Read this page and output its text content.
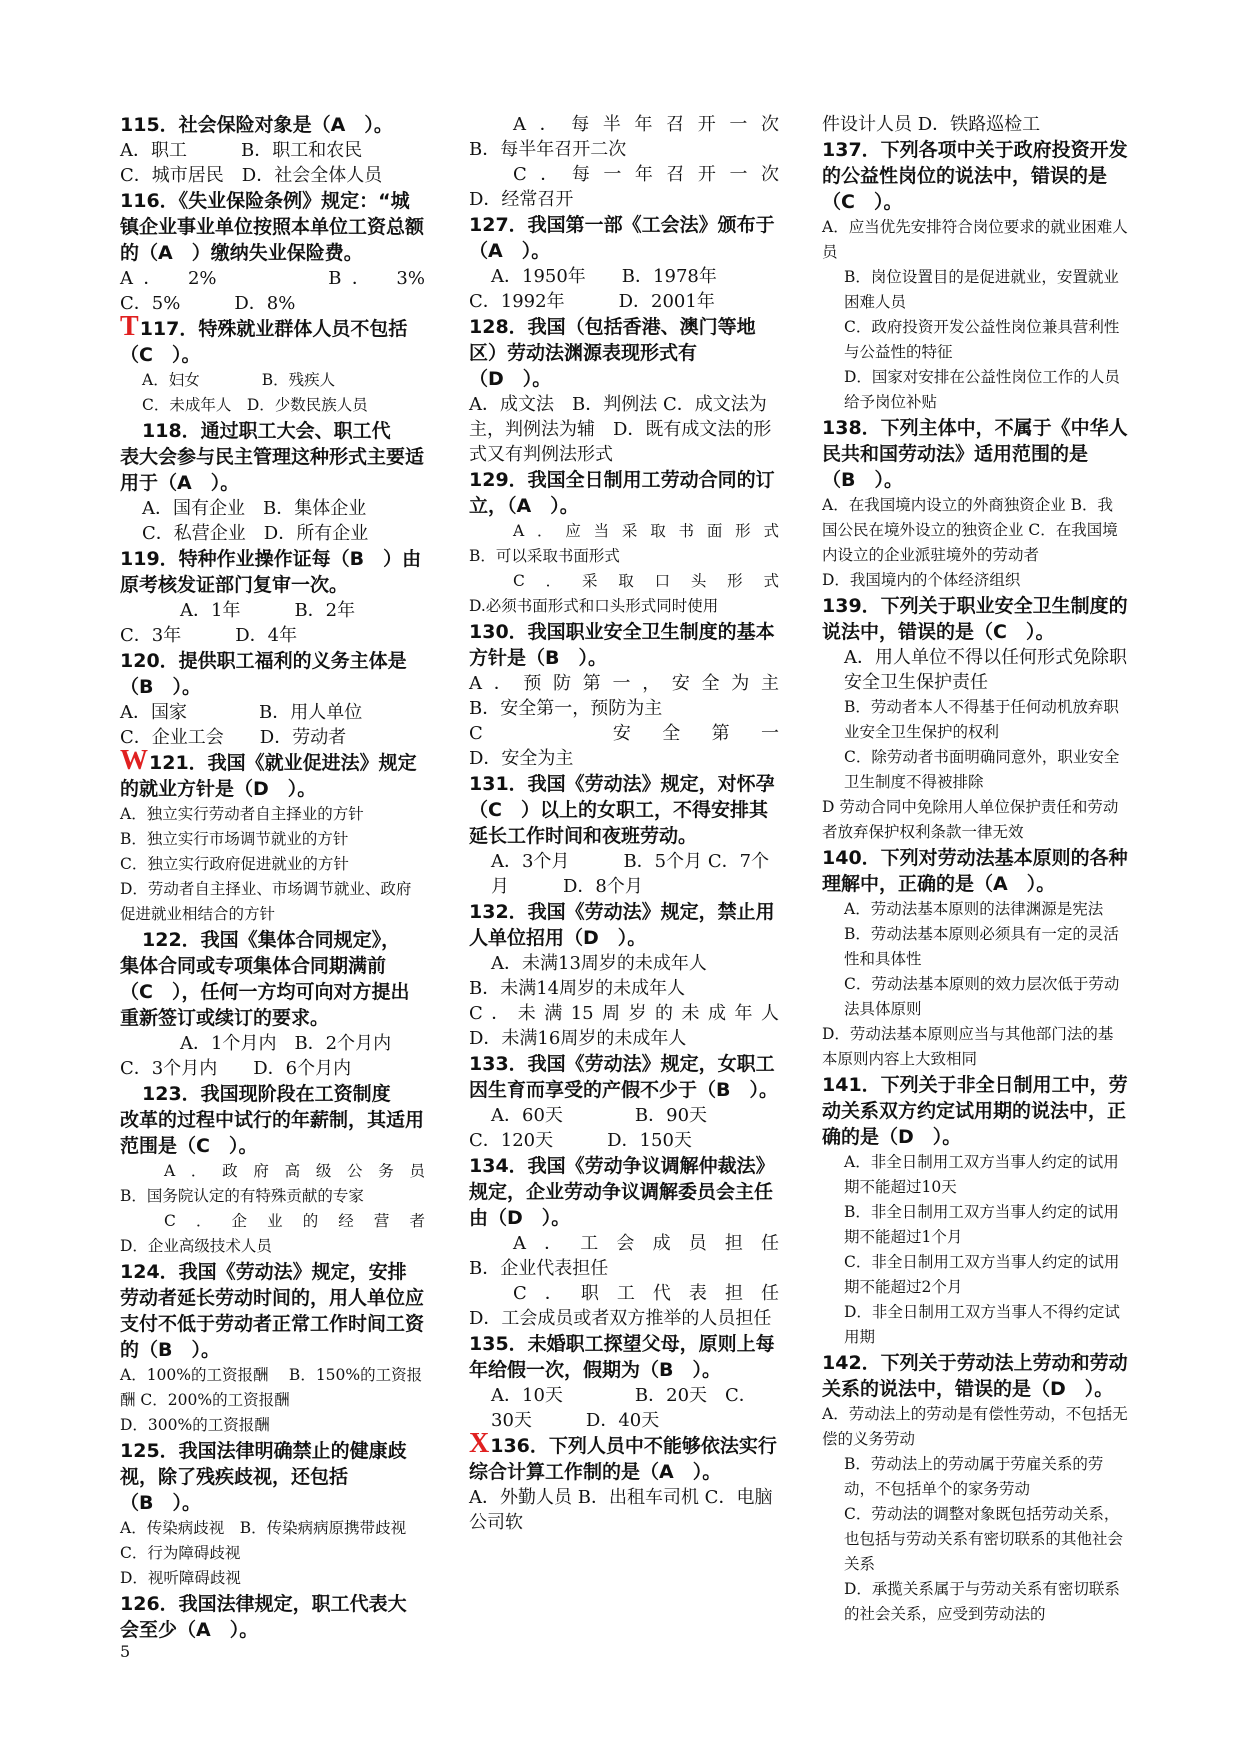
115．社会保险对象是（A　）。

A．职工　　　B．职工和农民

C．城市居民　D．社会全体人员

116．《失业保险条例》规定：“城镇企业事业单位按照本单位工资总额的（A　）缴纳失业保险费。

A． 2%　　　 B． 3%

C．5%　　　D．8%

T117．特殊就业群体人员不包括（C　）。

A．妇女　　　　B．残疾人

C．未成年人　D．少数民族人员

118．通过职工大会、职工代

表大会参与民主管理这种形式主要适用于（A　）。

A．国有企业　B．集体企业

C．私营企业　D．所有企业

119．特种作业操作证每（B　）由原考核发证部门复审一次。

A．1年　　　B．2年

C．3年　　　D．4年

120．提供职工福利的义务主体是（B　）。

A．国家　　　　B．用人单位

C．企业工会　　D．劳动者

W121．我国《就业促进法》规定的就业方针是（D　）。

A．独立实行劳动者自主择业的方针

B．独立实行市场调节就业的方针

C．独立实行政府促进就业的方针

D．劳动者自主择业、市场调节就业、政府促进就业相结合的方针

122．我国《集体合同规定》，

集体合同或专项集体合同期满前（C　），任何一方均可向对方提出重新签订或续订的要求。

A．1个月内　B．2个月内

C．3个月内　　D．6个月内

123．我国现阶段在工资制度

改革的过程中试行的年薪制，其适用范围是（C　）。

A．政府高级公务员

B．国务院认定的有特殊贡献的专家

C．企业的经营者

D．企业高级技术人员

124．我国《劳动法》规定，安排劳动者延长劳动时间的，用人单位应支付不低于劳动者正常工作时间工资的（B　）。

A．100%的工资报酬　 B．150%的工资报酬 C．200%的工资报酬

D．300%的工资报酬

125．我国法律明确禁止的健康歧视，除了残疾歧视，还包括（B　）。

A．传染病歧视　B．传染病病原携带歧视 C．行为障碍歧视

D．视听障碍歧视

126．我国法律规定，职工代表大会至少（A　）。

A．每半年召开一次

B．每半年召开二次

C．每一年召开一次

D．经常召开

127．我国第一部《工会法》颁布于（A　）。

A．1950年　　B．1978年

C．1992年　　　D．2001年

128．我国（包括香港、澳门等地区）劳动法渊源表现形式有（D　）。

A．成文法　B．判例法 C．成文法为主，判例法为辅　D．既有成文法的形式又有判例法形式

129．我国全日制用工劳动合同的订立，（A　）。

A．应当采取书面形式

B．可以采取书面形式

C．采取口头形式

D.必须书面形式和口头形式同时使用

130．我国职业安全卫生制度的基本方针是（B　）。

A．预防第一，安全为主

B．安全第一，预防为主

C　　安全第一

D．安全为主

131．我国《劳动法》规定，对怀孕（C　）以上的女职工，不得安排其延长工作时间和夜班劳动。

A．3个月　　　B．5个月 C．7个月　　　D．8个月

132．我国《劳动法》规定，禁止用人单位招用（D　）。

A．未满13周岁的未成年人

B．未满14周岁的未成年人

C．未满15周岁的未成年人

D．未满16周岁的未成年人

133．我国《劳动法》规定，女职工因生育而享受的产假不少于（B　）。

A．60天　　　　B．90天

C．120天　　　D．150天

134．我国《劳动争议调解仲裁法》规定，企业劳动争议调解委员会主任由（D　）。

A．工会成员担任

B．企业代表担任

C．职工代表担任

D．工会成员或者双方推举的人员担任

135．未婚职工探望父母，原则上每年给假一次，假期为（B　）。

A．10天　　　　B．20天　C．30天　　　D．40天

X136．下列人员中不能够依法实行综合计算工作制的是（A　）。

A．外勤人员 B．出租车司机 C．电脑公司软

件设计人员 D．铁路巡检工

137．下列各项中关于政府投资开发的公益性岗位的说法中，错误的是（C　）。

A．应当优先安排符合岗位要求的就业困难人员

B．岗位设置目的是促进就业，安置就业困难人员

C．政府投资开发公益性岗位兼具营利性与公益性的特征

D．国家对安排在公益性岗位工作的人员给予岗位补贴

138．下列主体中，不属于《中华人民共和国劳动法》适用范围的是（B　）。

A．在我国境内设立的外商独资企业 B．我国公民在境外设立的独资企业 C．在我国境内设立的企业派驻境外的劳动者

D．我国境内的个体经济组织

139．下列关于职业安全卫生制度的说法中，错误的是（C　）。

A．用人单位不得以任何形式免除职安全卫生保护责任

B．劳动者本人不得基于任何动机放弃职业安全卫生保护的权利

C．除劳动者书面明确同意外，职业安全卫生制度不得被排除

D 劳动合同中免除用人单位保护责任和劳动者放弃保护权利条款一律无效

140．下列对劳动法基本原则的各种理解中，正确的是（A　）。

A．劳动法基本原则的法律渊源是宪法

B．劳动法基本原则必须具有一定的灵活性和具体性

C．劳动法基本原则的效力层次低于劳动法具体原则

D．劳动法基本原则应当与其他部门法的基本原则内容上大致相同

141．下列关于非全日制用工中，劳动关系双方约定试用期的说法中，正确的是（D　）。

A．非全日制用工双方当事人约定的试用期不能超过10天

B．非全日制用工双方当事人约定的试用期不能超过1个月

C．非全日制用工双方当事人约定的试用期不能超过2个月

D．非全日制用工双方当事人不得约定试用期

142．下列关于劳动法上劳动和劳动关系的说法中，错误的是（D　）。

A．劳动法上的劳动是有偿性劳动，不包括无偿的义务劳动

B．劳动法上的劳动属于劳雇关系的劳动，不包括单个的家务劳动

C．劳动法的调整对象既包括劳动关系，也包括与劳动关系有密切联系的其他社会关系

D．承揽关系属于与劳动关系有密切联系的社会关系，应受到劳动法的

5
